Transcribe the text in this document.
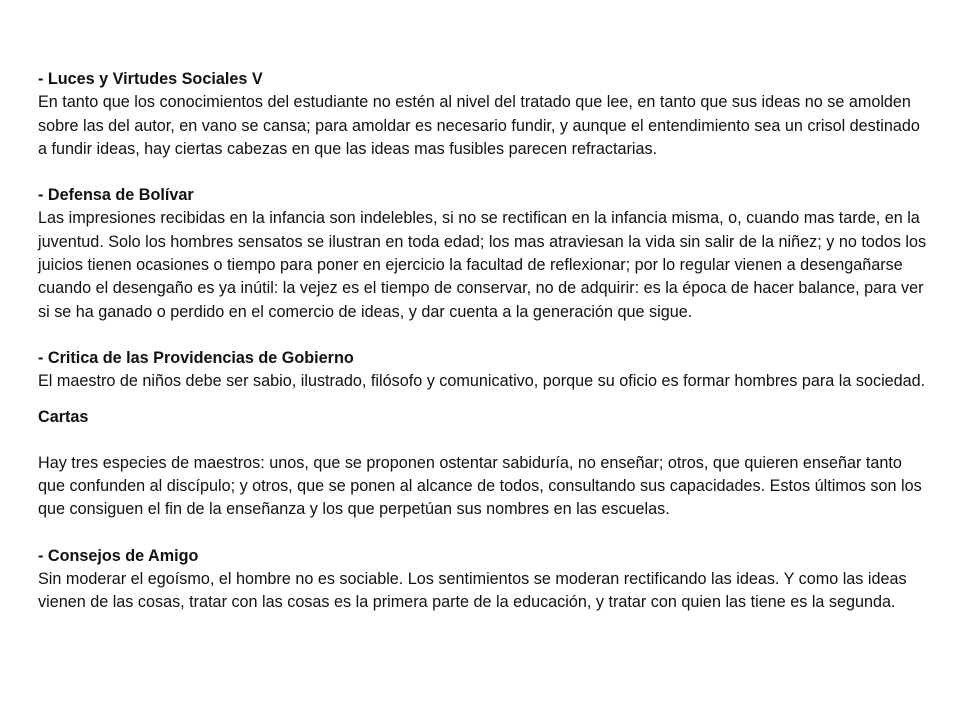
- Luces y Virtudes Sociales V

En tanto que los conocimientos del estudiante no estén al nivel del tratado que lee, en tanto que sus ideas no se amolden sobre las del autor, en vano se cansa; para amoldar es necesario fundir, y aunque el entendimiento sea un crisol destinado a fundir ideas, hay ciertas cabezas en que las ideas mas fusibles parecen refractarias.

- Defensa de Bolívar

Las impresiones recibidas en la infancia son indelebles, si no se rectifican en la infancia misma, o, cuando mas tarde, en la juventud. Solo los hombres sensatos se ilustran en toda edad; los mas atraviesan la vida sin salir de la niñez; y no todos los juicios tienen ocasiones o tiempo para poner en ejercicio la facultad de reflexionar; por lo regular vienen a desengañarse cuando el desengaño es ya inútil: la vejez es el tiempo de conservar, no de adquirir: es la época de hacer balance, para ver si se ha ganado o perdido en el comercio de ideas, y dar cuenta a la generación que sigue.

- Critica de las Providencias de Gobierno

El maestro de niños debe ser sabio, ilustrado, filósofo y comunicativo, porque su oficio es formar hombres para la sociedad.

Cartas

Hay tres especies de maestros: unos, que se proponen ostentar sabiduría, no enseñar; otros, que quieren enseñar tanto que confunden al discípulo; y otros, que se ponen al alcance de todos, consultando sus capacidades. Estos últimos son los que consiguen el fin de la enseñanza y los que perpetúan sus nombres en las escuelas.

- Consejos de Amigo

Sin moderar el egoísmo, el hombre no es sociable. Los sentimientos se moderan rectificando las ideas. Y como las ideas vienen de las cosas, tratar con las cosas es la primera parte de la educación, y tratar con quien las tiene es la segunda.
